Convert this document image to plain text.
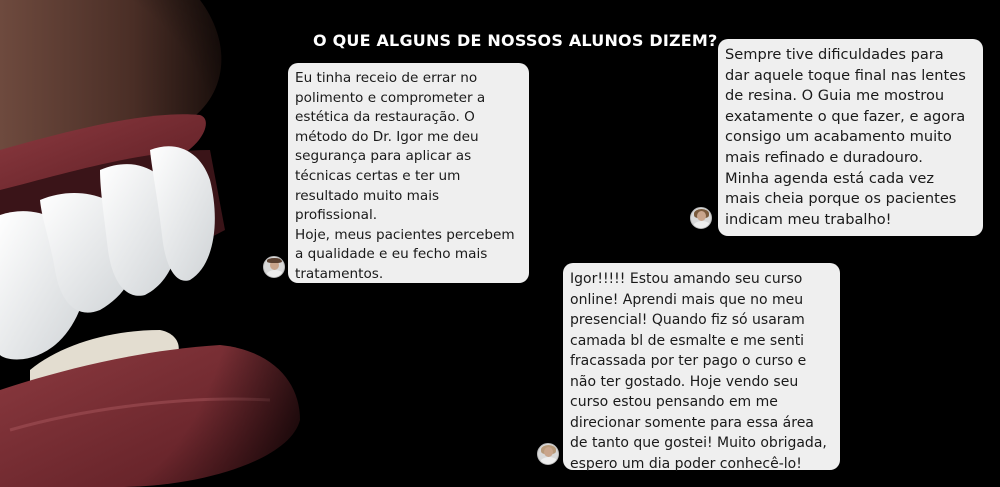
O QUE ALGUNS DE NOSSOS ALUNOS DIZEM?
Eu tinha receio de errar no
polimento e comprometer a
estética da restauração. O
método do Dr. Igor me deu
segurança para aplicar as
técnicas certas e ter um
resultado muito mais
profissional.
Hoje, meus pacientes percebem
a qualidade e eu fecho mais
tratamentos.
Sempre tive dificuldades para
dar aquele toque final nas lentes
de resina. O Guia me mostrou
exatamente o que fazer, e agora
consigo um acabamento muito
mais refinado e duradouro.
Minha agenda está cada vez
mais cheia porque os pacientes
indicam meu trabalho!
Igor!!!!! Estou amando seu curso
online! Aprendi mais que no meu
presencial! Quando fiz só usaram
camada bl de esmalte e me senti
fracassada por ter pago o curso e
não ter gostado. Hoje vendo seu
curso estou pensando em me
direcionar somente para essa área
de tanto que gostei! Muito obrigada,
espero um dia poder conhecê-lo!
